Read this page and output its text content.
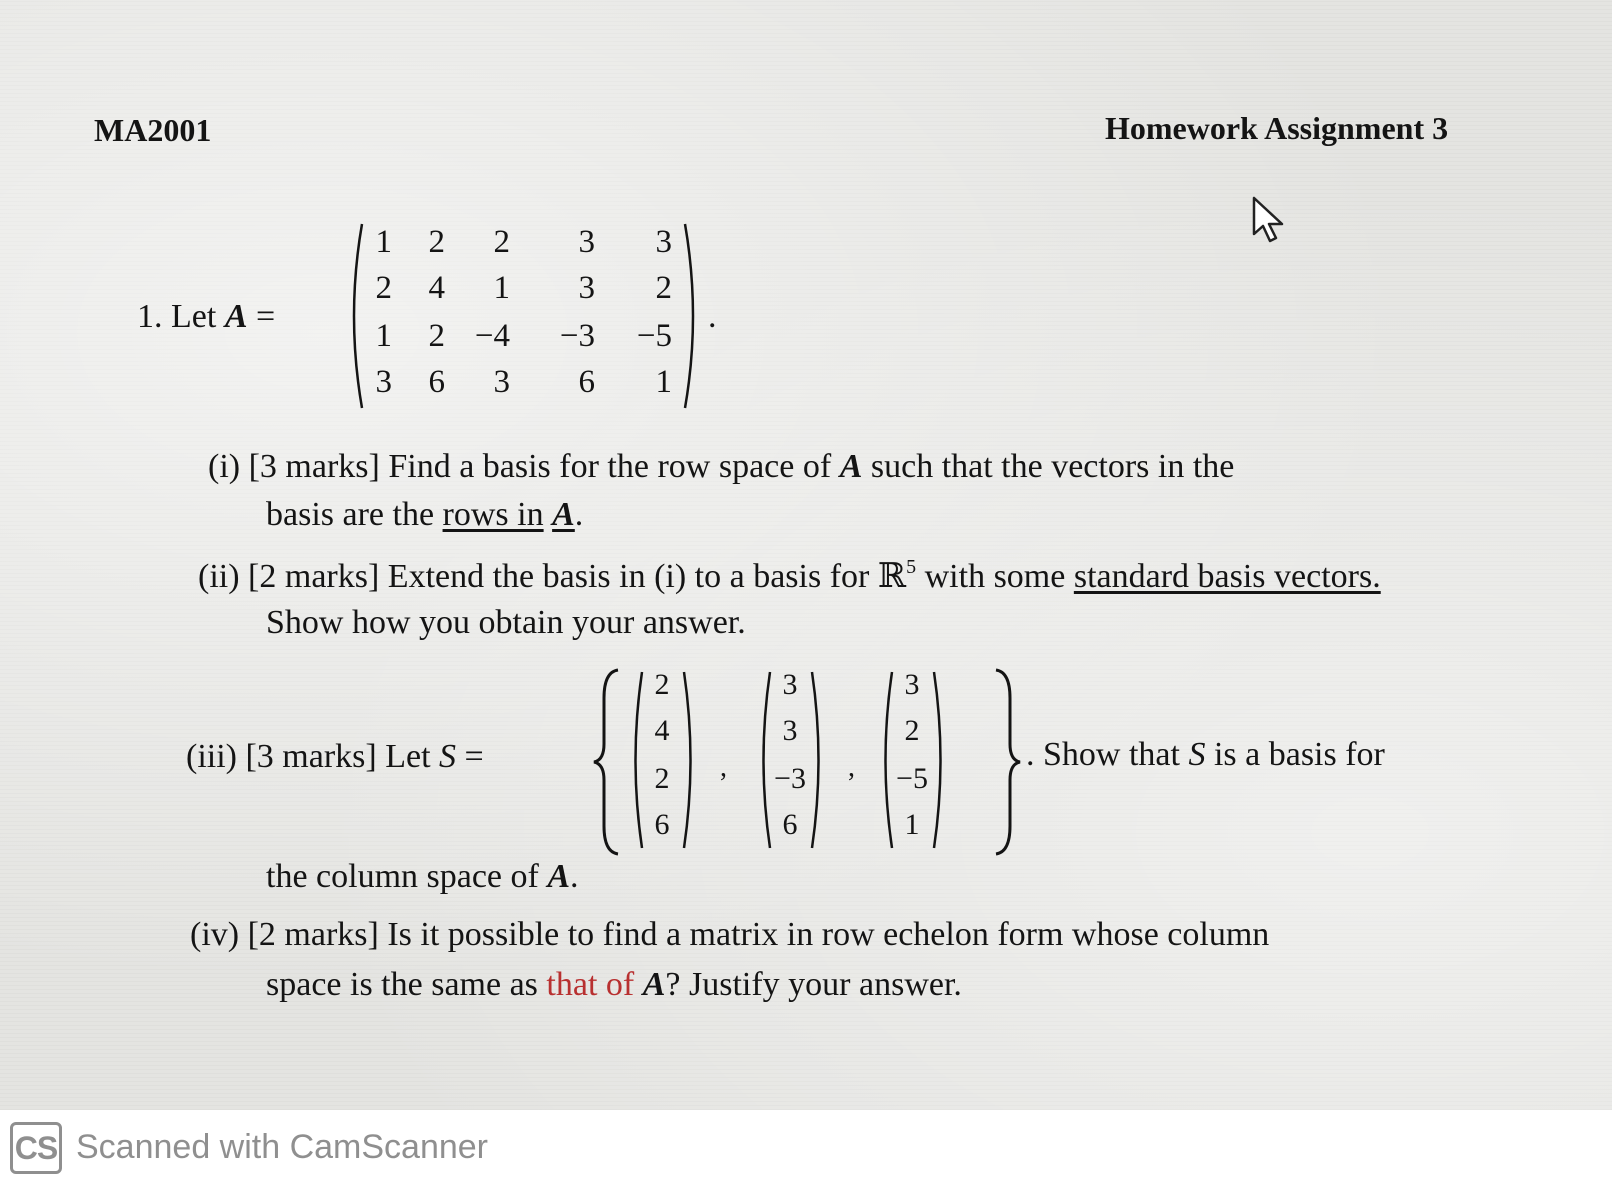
MA2001	Homework Assignment 3
1. Let A =	.
1	2	2	3	3
2	4	1	3	2
1	2 −4 −3 −5
3	6	3	6	1
(i) [3 marks] Find a basis for the row space of A such that the vectors in the
basis are the rows in A.
(ii) [2 marks] Extend the basis in (i) to a basis for ℝ$^5$ with some standard basis vectors.
Show how you obtain your answer.
(iii) [3 marks] Let S =
2
4
2
6
,
3
3
−3
6
,
3
2
−5
1
. Show that S is a basis for
the column space of A.
(iv) [2 marks] Is it possible to find a matrix in row echelon form whose column
space is the same as that of A? Justify your answer.
CS Scanned with CamScanner
